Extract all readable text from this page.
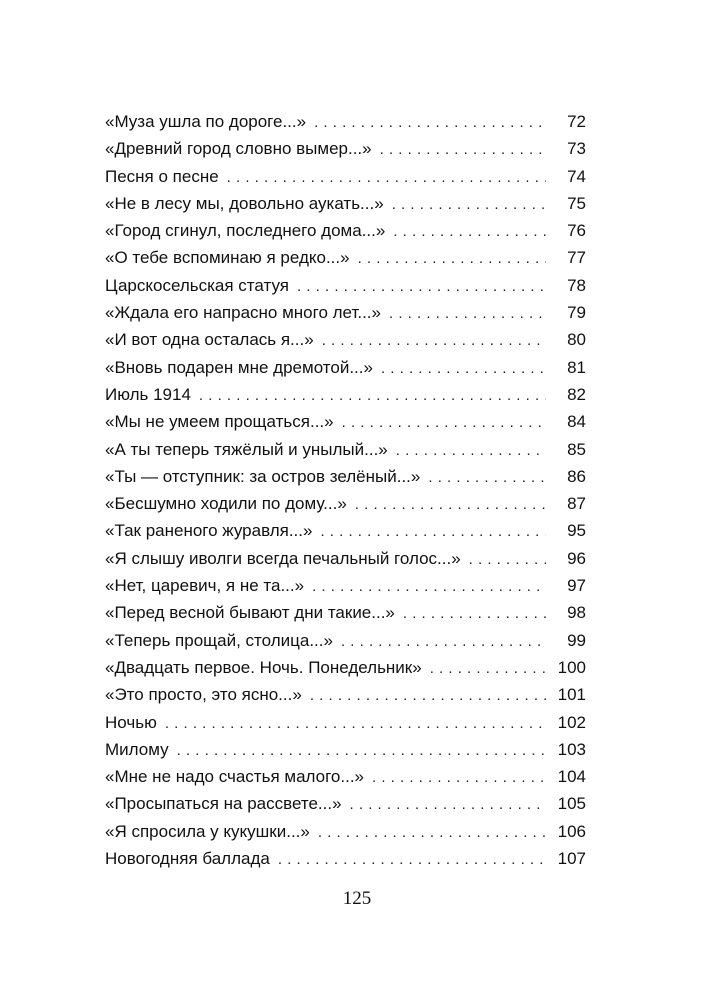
«Муза ушла по дороге...» . . .	72
«Древний город словно вымер...» . . .	73
Песня о песне . . .	74
«Не в лесу мы, довольно аукать...» . . .	75
«Город сгинул, последнего дома...» . . .	76
«О тебе вспоминаю я редко...» . . .	77
Царскосельская статуя . . .	78
«Ждала его напрасно много лет...» . . .	79
«И вот одна осталась я...» . . .	80
«Вновь подарен мне дремотой...» . . .	81
Июль 1914 . . .	82
«Мы не умеем прощаться...» . . .	84
«А ты теперь тяжёлый и унылый...» . . .	85
«Ты — отступник: за остров зелёный...» . . .	86
«Бесшумно ходили по дому...» . . .	87
«Так раненого журавля...» . . .	95
«Я слышу иволги всегда печальный голос...» . . .	96
«Нет, царевич, я не та...» . . .	97
«Перед весной бывают дни такие...» . . .	98
«Теперь прощай, столица...» . . .	99
«Двадцать первое. Ночь. Понедельник» . . .	100
«Это просто, это ясно...» . . .	101
Ночью . . .	102
Милому . . .	103
«Мне не надо счастья малого...» . . .	104
«Просыпаться на рассвете...» . . .	105
«Я спросила у кукушки...» . . .	106
Новогодняя баллада . . .	107
125
